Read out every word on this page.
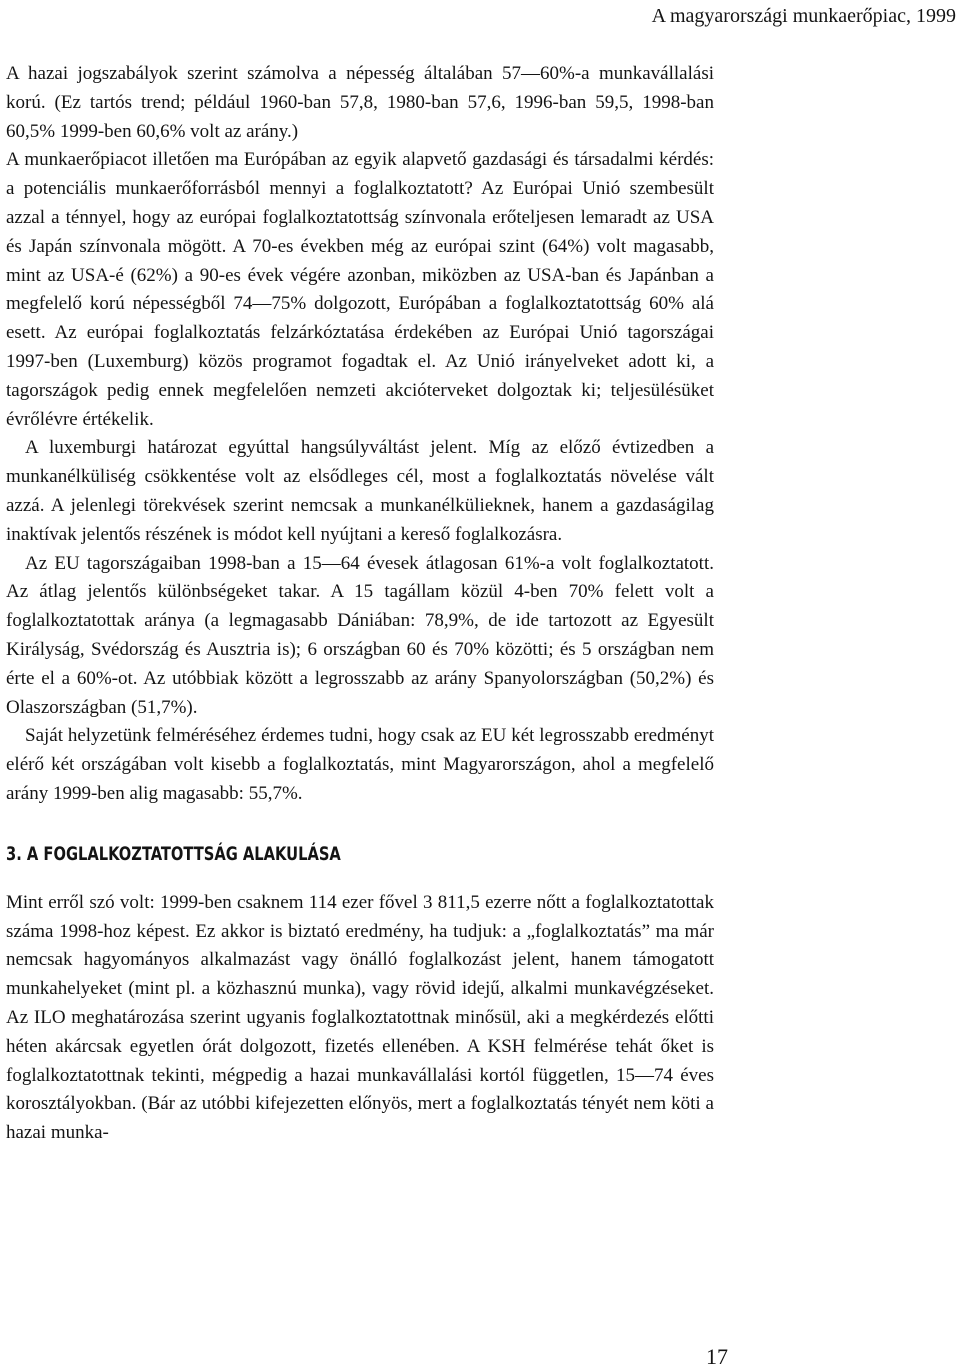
A magyarországi munkaerőpiac, 1999

A hazai jogszabályok szerint számolva a népesség általában 57​—60%-a munkavállalási korú. (Ez tartós trend; például 1960-ban 57,8, 1980-ban 57,6, 1996-ban 59,5, 1998-ban 60,5% 1999-ben 60,6% volt az arány.)

A munkaerőpiacot illetően ma Európában az egyik alapvető gazdasági és társadalmi kérdés: a potenciális munkaerőforrásból mennyi a foglalkoztatott? Az Európai Unió szembesült azzal a ténnyel, hogy az európai foglalkoztatottság színvonala erőteljesen lemaradt az USA és Japán színvonala mögött. A 70-es években még az európai szint (64%) volt magasabb, mint az USA-é (62%) a 90-es évek végére azonban, miközben az USA-ban és Japánban a megfelelő korú népességből 74​—75% dolgozott, Európában a foglalkoztatottság 60% alá esett. Az európai foglalkoztatás felzárkóztatása érdekében az Európai Unió tagországai 1997-ben (Luxemburg) közös programot fogadtak el. Az Unió irányelveket adott ki, a tagországok pedig ennek megfelelően nemzeti akcióterveket dolgoztak ki; teljesülésüket évrőlévre értékelik.

A luxemburgi határozat egyúttal hangsúlyváltást jelent. Míg az előző évtizedben a munkanélküliség csökkentése volt az elsődleges cél, most a foglalkoztatás növelése vált azzá. A jelenlegi törekvések szerint nemcsak a munkanélkülieknek, hanem a gazdaságilag inaktívak jelentős részének is módot kell nyújtani a kereső foglalkozásra.

Az EU tagországaiban 1998-ban a 15​—64 évesek átlagosan 61%-a volt foglalkoztatott. Az átlag jelentős különbségeket takar. A 15 tagállam közül 4-ben 70% felett volt a foglalkoztatottak aránya (a legmagasabb Dániában: 78,9%, de ide tartozott az Egyesült Királyság, Svédország és Ausztria is); 6 országban 60 és 70% közötti; és 5 országban nem érte el a 60%-ot. Az utóbbiak között a legrosszabb az arány Spanyolországban (50,2%) és Olaszországban (51,7%).

Saját helyzetünk felméréséhez érdemes tudni, hogy csak az EU két legrosszabb eredményt elérő két országában volt kisebb a foglalkoztatás, mint Magyarországon, ahol a megfelelő arány 1999-ben alig magasabb: 55,7%.

3. A FOGLALKOZTATOTTSÁG ALAKULÁSA

Mint erről szó volt: 1999-ben csaknem 114 ezer fővel 3 811,5 ezerre nőtt a foglalkoztatottak száma 1998-hoz képest. Ez akkor is biztató eredmény, ha tudjuk: a „foglalkoztatás” ma már nemcsak hagyományos alkalmazást vagy önálló foglalkozást jelent, hanem támogatott munkahelyeket (mint pl. a közhasznú munka), vagy rövid idejű, alkalmi munkavégzéseket. Az ILO meghatározása szerint ugyanis foglalkoztatottnak minősül, aki a megkérdezés előtti héten akárcsak egyetlen órát dolgozott, fizetés ellenében. A KSH felmérése tehát őket is foglalkoztatottnak tekinti, mégpedig a hazai munkavállalási kortól független, 15​—74 éves korosztályokban. (Bár az utóbbi kifejezetten előnyös, mert a foglalkoztatás tényét nem köti a hazai munka-

17
